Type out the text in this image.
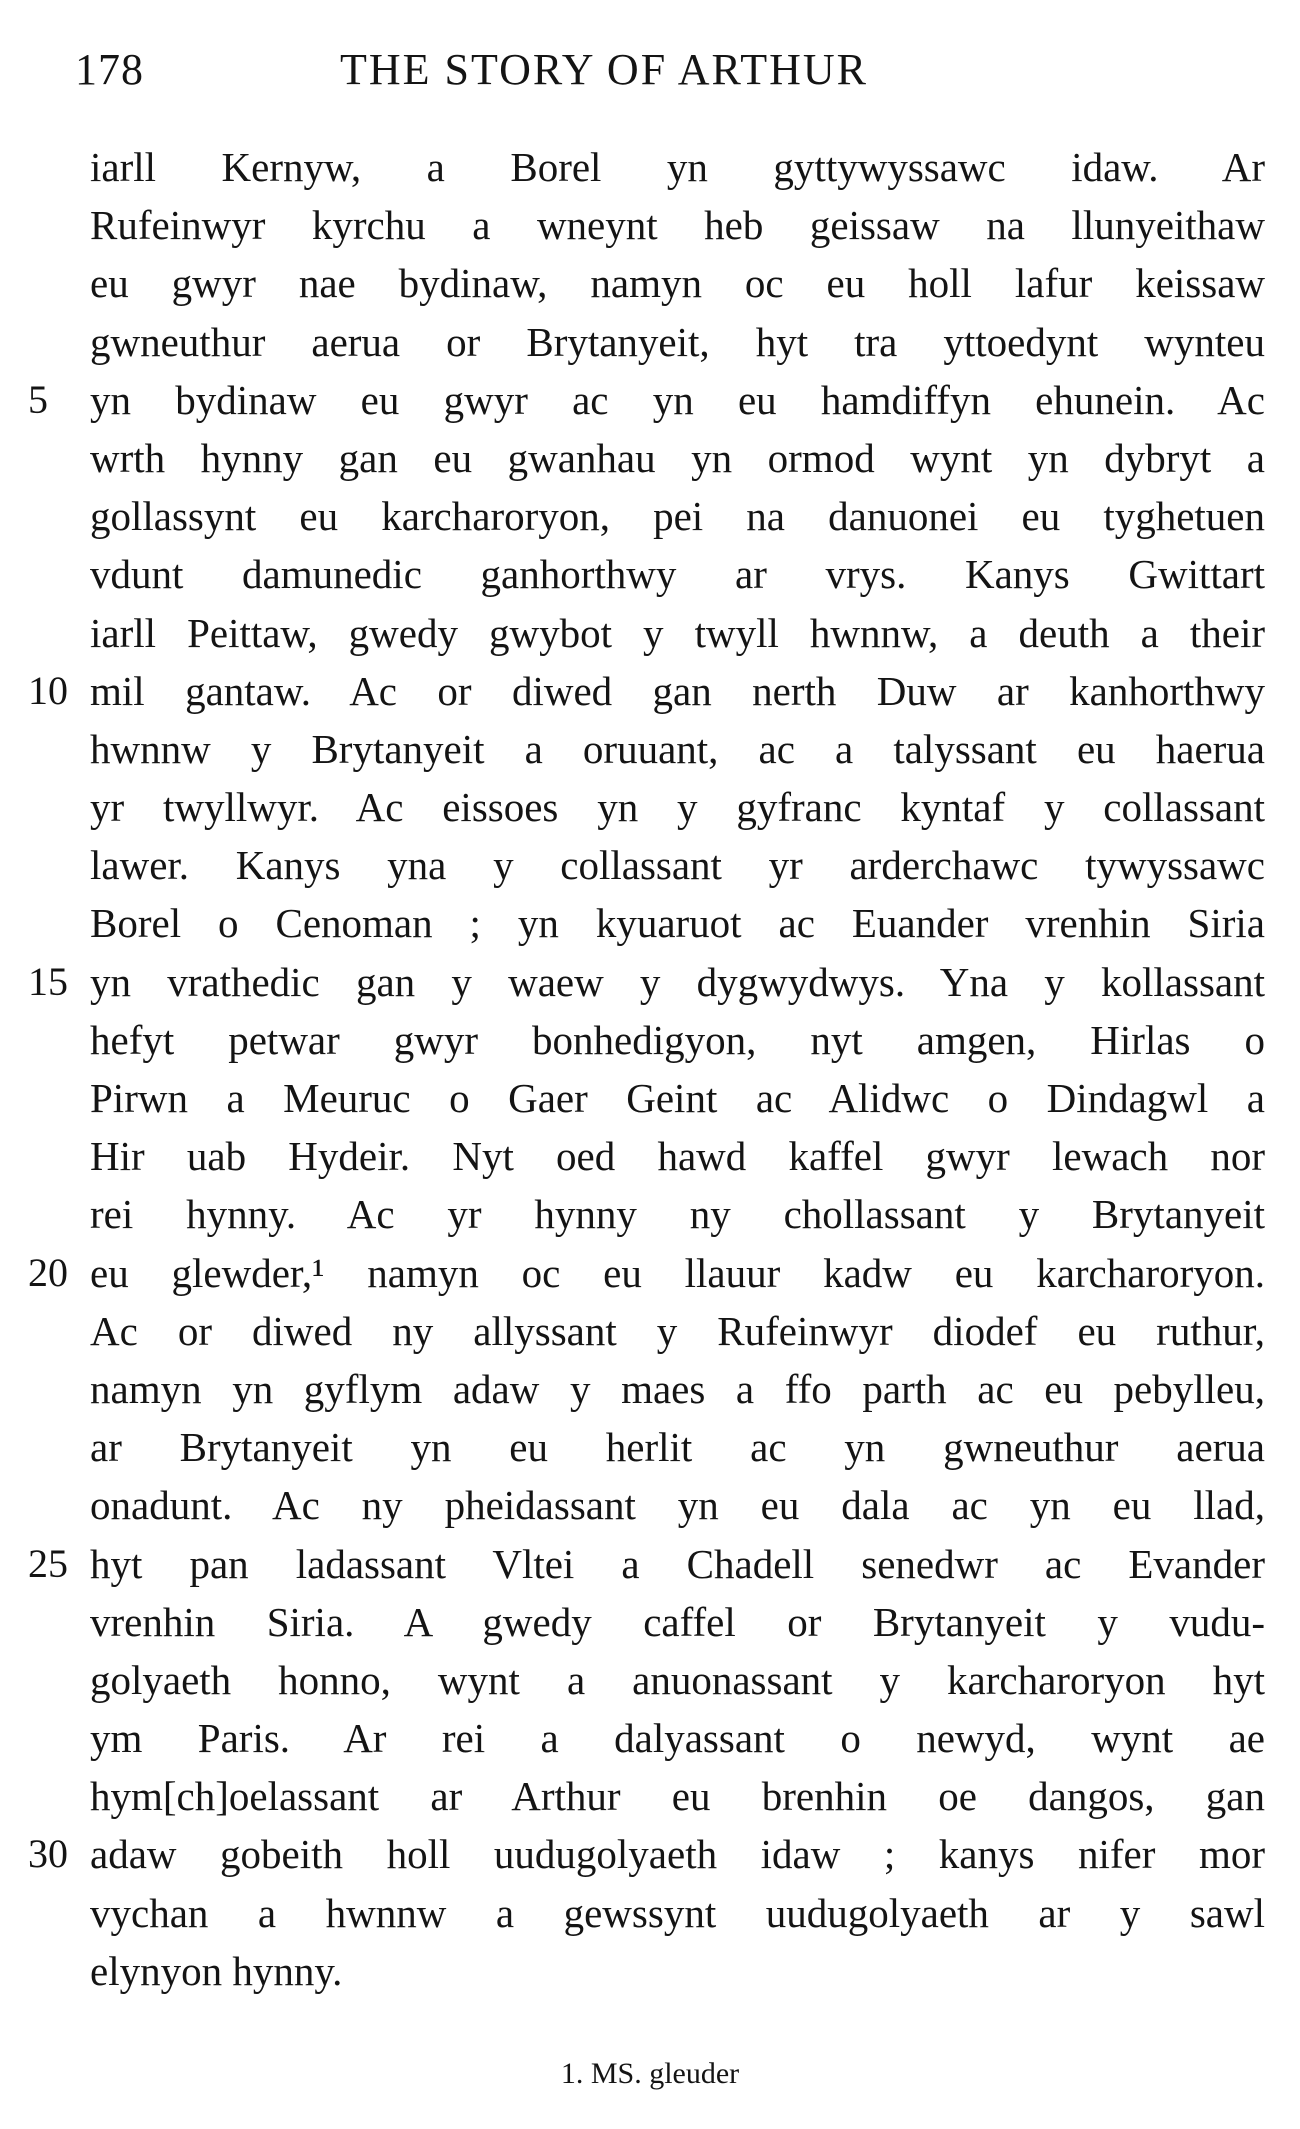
178	THE STORY OF ARTHUR
iarll Kernyw, a Borel yn gyttywyssawc idaw. Ar
Rufeinwyr kyrchu a wneynt heb geissaw na llunyeithaw
eu gwyr nae bydinaw, namyn oc eu holl lafur keissaw
gwneuthur aerua or Brytanyeit, hyt tra yttoedynt wynteu
5	yn bydinaw eu gwyr ac yn eu hamdiffyn ehunein. Ac
wrth hynny gan eu gwanhau yn ormod wynt yn dybryt a
gollassynt eu karcharoryon, pei na danuonei eu tyghetuen
vdunt damunedic ganhorthwy ar vrys. Kanys Gwittart
iarll Peittaw, gwedy gwybot y twyll hwnnw, a deuth a their
10 mil gantaw. Ac or diwed gan nerth Duw ar kanhorthwy
hwnnw y Brytanyeit a oruuant, ac a talyssant eu haerua
yr twyllwyr. Ac eissoes yn y gyfranc kyntaf y collassant
lawer. Kanys yna y collassant yr arderchawc tywyssawc
Borel o Cenoman ; yn kyuaruot ac Euander vrenhin Siria
15 yn vrathedic gan y waew y dygwydwys. Yna y kollassant
hefyt petwar gwyr bonhedigyon, nyt amgen, Hirlas o
Pirwn a Meuruc o Gaer Geint ac Alidwc o Dindagwl a
Hir uab Hydeir. Nyt oed hawd kaffel gwyr lewach nor
rei hynny. Ac yr hynny ny chollassant y Brytanyeit
20 eu glewder,¹ namyn oc eu llauur kadw eu karcharoryon.
Ac or diwed ny allyssant y Rufeinwyr diodef eu ruthur,
namyn yn gyflym adaw y maes a ffo parth ac eu pebylleu,
ar Brytanyeit yn eu herlit ac yn gwneuthur aerua
onadunt. Ac ny pheidassant yn eu dala ac yn eu llad,
25 hyt pan ladassant Vltei a Chadell senedwr ac Evander
vrenhin Siria. A gwedy caffel or Brytanyeit y vudu-
golyaeth honno, wynt a anuonassant y karcharoryon hyt
ym Paris. Ar rei a dalyassant o newyd, wynt ae
hym[ch]oelassant ar Arthur eu brenhin oe dangos, gan
30 adaw gobeith holl uudugolyaeth idaw ; kanys nifer mor
vychan a hwnnw a gewssynt uudugolyaeth ar y sawl
elynyon hynny.
1. MS. gleuder
